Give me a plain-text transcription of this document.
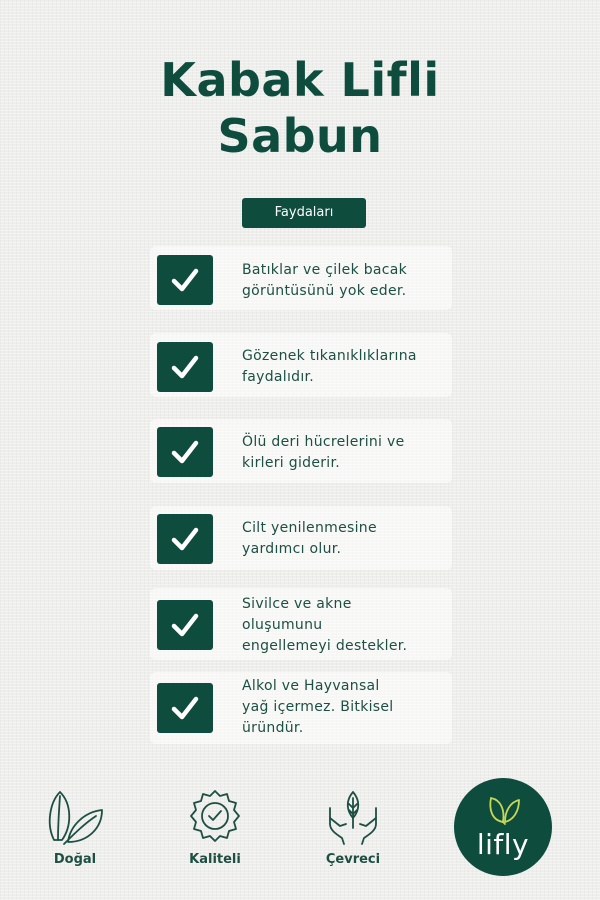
Kabak Lifli
Sabun
Faydaları
Batıklar ve çilek bacak
görüntüsünü yok eder.
Gözenek tıkanıklıklarına
faydalıdır.
Ölü deri hücrelerini ve
kirleri giderir.
Cilt yenilenmesine
yardımcı olur.
Sivilce ve akne
oluşumunu
engellemeyi destekler.
Alkol ve Hayvansal
yağ içermez. Bitkisel
üründür.
Doğal	Kaliteli	Çevreci	lifly
